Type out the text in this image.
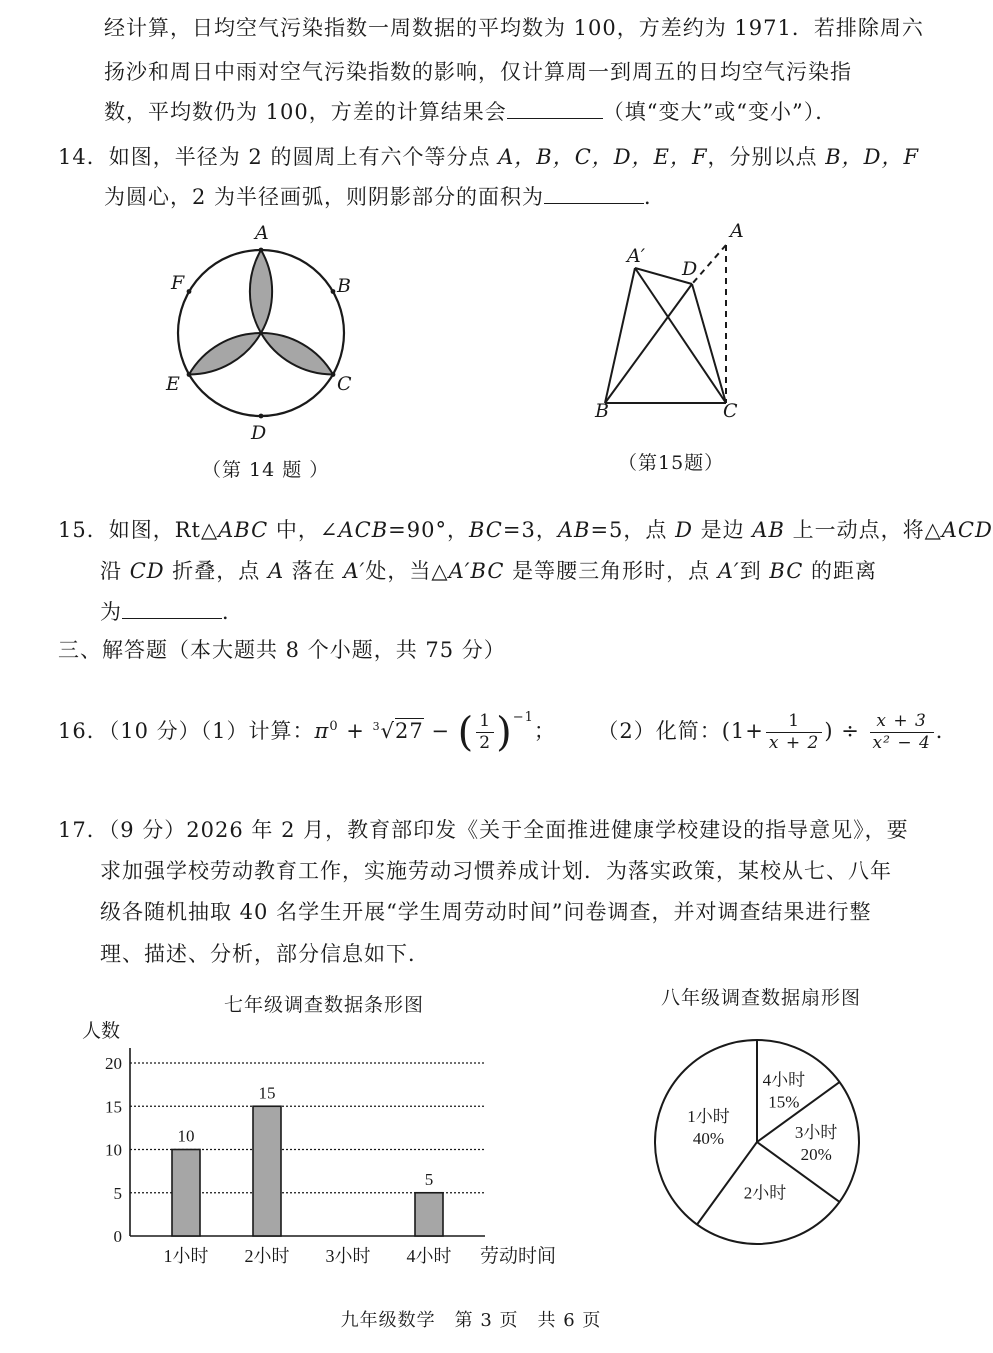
经计算，日均空气污染指数一周数据的平均数为 100，方差约为 1971．若排除周六
扬沙和周日中雨对空气污染指数的影响，仅计算周一到周五的日均空气污染指
数，平均数仍为 100，方差的计算结果会	（填“变大”或“变小”）．
14．如图，半径为 2 的圆周上有六个等分点 A，B，C，D，E，F，分别以点 B，D，F
为圆心，2 为半径画弧，则阴影部分的面积为	．
A
B
C
D
E
F
（第 14 题 ）
A′
A
D
B	C
（第15题）
15．如图，Rt△ABC 中，∠ACB=90°，BC=3，AB=5，点 D 是边 AB 上一动点，将△ACD
沿 CD 折叠，点 A 落在 A′处，当△A′BC 是等腰三角形时，点 A′到 BC 的距离
为	．
三、解答题（本大题共 8 个小题，共 75 分）
16．（10 分）（1）计算：$\pi^0 + ^3√27$ − ( $\frac{1}{2} )^{-1}$； （2）化简：($1+ \frac{1}{x + 2}$ ) ÷ $\frac{x + 3}{\text{x² − 4}}$ ．
17．（9 分）2026 年 2 月，教育部印发《关于全面推进健康学校建设的指导意见》，要
求加强学校劳动教育工作，实施劳动习惯养成计划．为落实政策，某校从七、八年
级各随机抽取 40 名学生开展“学生周劳动时间”问卷调查，并对调查结果进行整
理、描述、分析，部分信息如下．
七年级调查数据条形图
人数
劳动时间
0
5
10
15
20
10
1小时
15
2小时 3小时
5
4小时
八年级调查数据扇形图
4小时
15%
3小时
20%
2小时
1小时
40%
九年级数学　第 3 页　共 6 页
